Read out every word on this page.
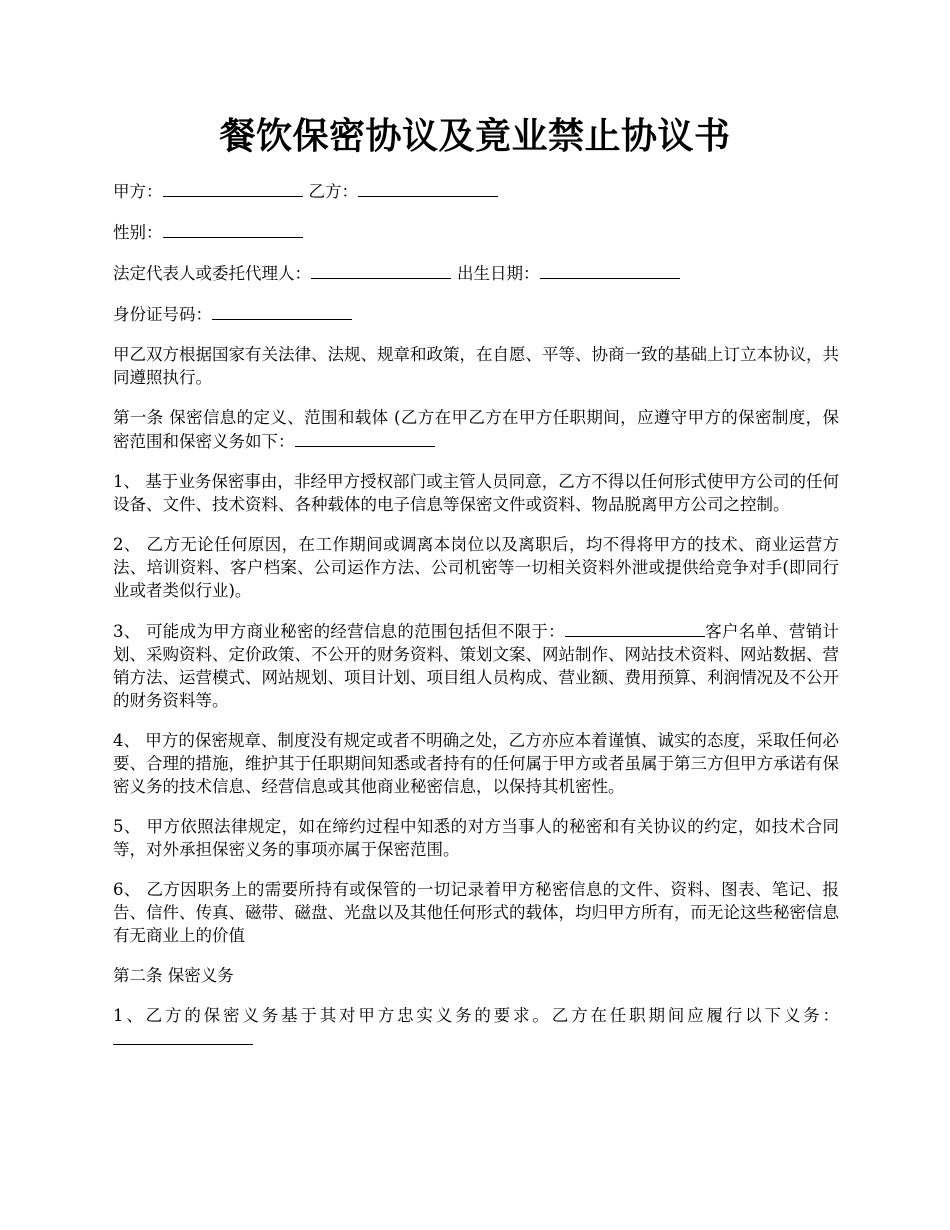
餐饮保密协议及竟业禁止协议书
甲方：	乙方：
性别：
法定代表人或委托代理人：	出生日期：
身份证号码：

甲乙双方根据国家有关法律、法规、规章和政策，在自愿、平等、协商一致的基础上订立本协议，共同遵照执行。

第一条 保密信息的定义、范围和载体 (乙方在甲乙方在甲方任职期间，应遵守甲方的保密制度，保密范围和保密义务如下：

1、 基于业务保密事由，非经甲方授权部门或主管人员同意，乙方不得以任何形式使甲方公司的任何设备、文件、技术资料、各种载体的电子信息等保密文件或资料、物品脱离甲方公司之控制。

2、 乙方无论任何原因，在工作期间或调离本岗位以及离职后，均不得将甲方的技术、商业运营方法、培训资料、客户档案、公司运作方法、公司机密等一切相关资料外泄或提供给竞争对手(即同行业或者类似行业)。

3、 可能成为甲方商业秘密的经营信息的范围包括但不限于：	客户名单、营销计划、采购资料、定价政策、不公开的财务资料、策划文案、网站制作、网站技术资料、网站数据、营销方法、运营模式、网站规划、项目计划、项目组人员构成、营业额、费用预算、利润情况及不公开的财务资料等。

4、 甲方的保密规章、制度没有规定或者不明确之处，乙方亦应本着谨慎、诚实的态度，采取任何必要、合理的措施，维护其于任职期间知悉或者持有的任何属于甲方或者虽属于第三方但甲方承诺有保密义务的技术信息、经营信息或其他商业秘密信息，以保持其机密性。

5、 甲方依照法律规定，如在缔约过程中知悉的对方当事人的秘密和有关协议的约定，如技术合同等，对外承担保密义务的事项亦属于保密范围。

6、 乙方因职务上的需要所持有或保管的一切记录着甲方秘密信息的文件、资料、图表、笔记、报告、信件、传真、磁带、磁盘、光盘以及其他任何形式的载体，均归甲方所有，而无论这些秘密信息有无商业上的价值

第二条 保密义务

1、乙方的保密义务基于其对甲方忠实义务的要求。乙方在任职期间应履行以下义务：
